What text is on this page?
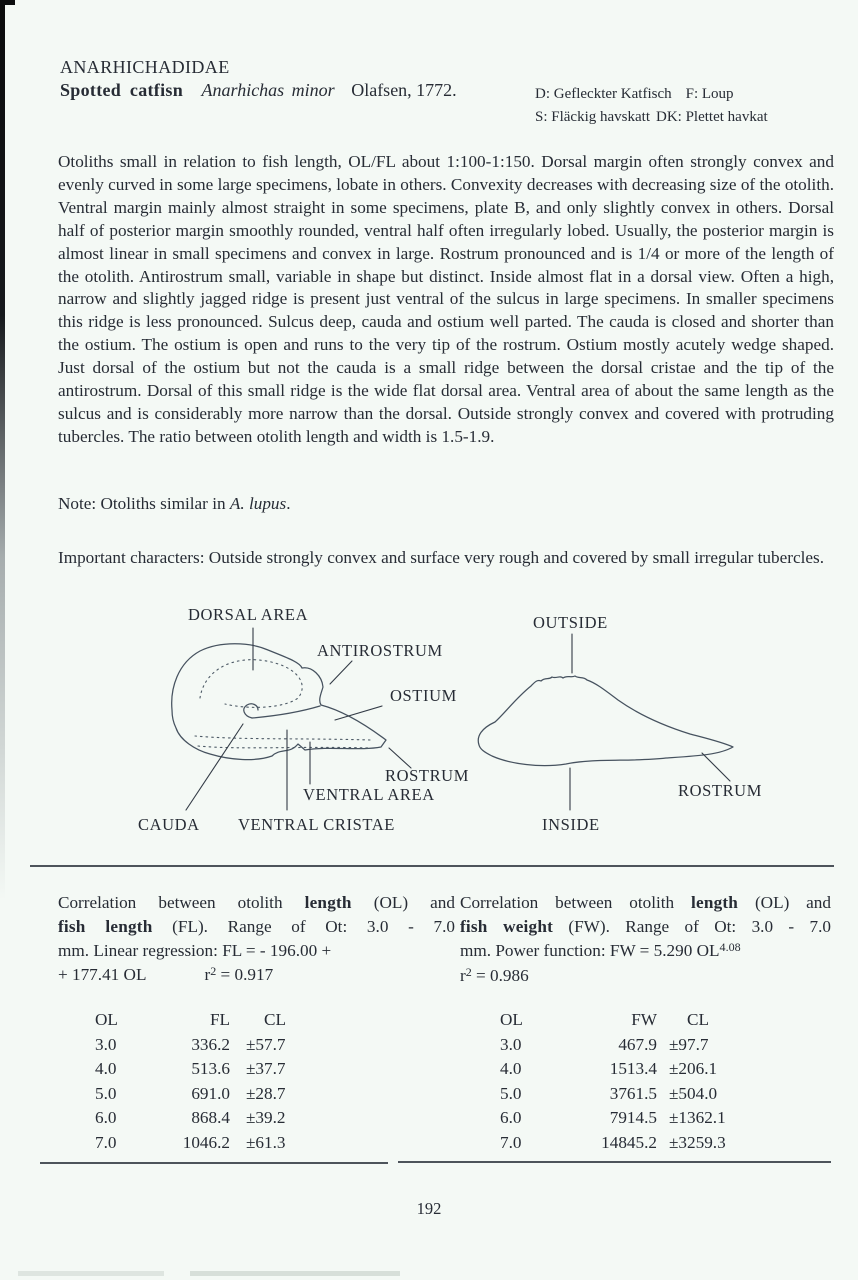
ANARHICHADIDAE
Spotted catfisn Anarhichas minor Olafsen, 1772.	D: Gefleckter Katfisch F: Loup
S: Fläckig havskatt DK: Plettet havkat

Otoliths small in relation to fish length, OL/FL about 1:100-1:150. Dorsal margin often strongly convex and evenly curved in some large specimens, lobate in others. Convexity decreases with decreasing size of the otolith. Ventral margin mainly almost straight in some specimens, plate B, and only slightly convex in others. Dorsal half of posterior margin smoothly rounded, ventral half often irregularly lobed. Usually, the posterior margin is almost linear in small specimens and convex in large. Rostrum pronounced and is 1/4 or more of the length of the otolith. Antirostrum small, variable in shape but distinct. Inside almost flat in a dorsal view. Often a high, narrow and slightly jagged ridge is present just ventral of the sulcus in large specimens. In smaller specimens this ridge is less pronounced. Sulcus deep, cauda and ostium well parted. The cauda is closed and shorter than the ostium. The ostium is open and runs to the very tip of the rostrum. Ostium mostly acutely wedge shaped. Just dorsal of the ostium but not the cauda is a small ridge between the dorsal cristae and the tip of the antirostrum. Dorsal of this small ridge is the wide flat dorsal area. Ventral area of about the same length as the sulcus and is considerably more narrow than the dorsal. Outside strongly convex and covered with protruding tubercles. The ratio between otolith length and width is 1.5-1.9.

Note: Otoliths similar in A. lupus.

Important characters: Outside strongly convex and surface very rough and covered by small irregular tubercles.

DORSAL AREA
ANTIROSTRUM
OSTIUM
ROSTRUM
VENTRAL AREA
CAUDA VENTRAL CRISTAE
OUTSIDE
INSIDE
ROSTRUM
Correlation between otolith length (OL) and
fish length (FL). Range of Ot: 3.0 - 7.0
mm. Linear regression: FL = - 196.00 +
+ 177.41 OL	$r^2 = 0.917$
Correlation between otolith length (OL) and
fish weight (FW). Range of Ot: 3.0 - 7.0
mm. Power function: FW = 5.290 $OL^{4.08}$
$r^2 = 0.986$
OL	FL	CL
3.0	336.2 ±57.7
4.0	513.6 ±37.7
5.0	691.0 ±28.7
6.0	868.4 ±39.2
7.0	1046.2 ±61.3
OL	FW	CL
3.0	467.9 ±97.7
4.0	1513.4 ±206.1
5.0	3761.5 ±504.0
6.0	7914.5 ±1362.1
7.0	14845.2 ±3259.3
192
